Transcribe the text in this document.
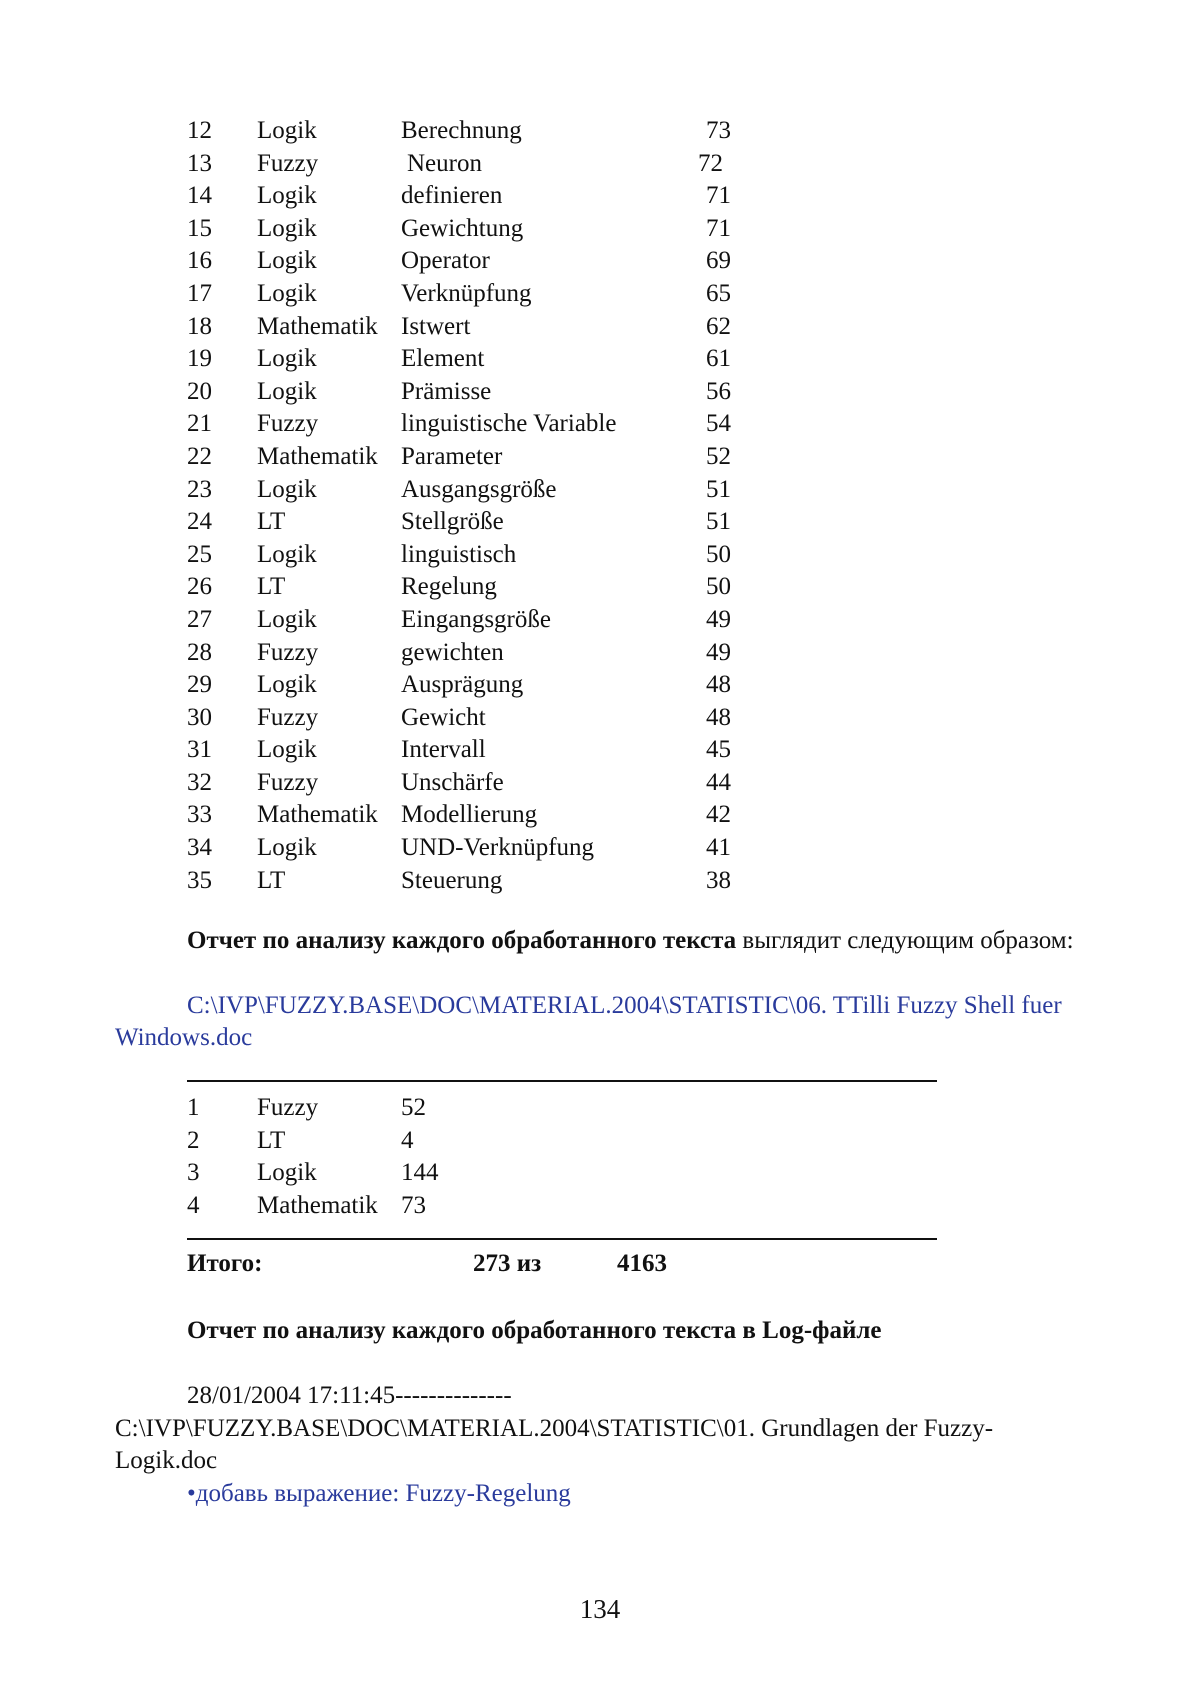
12 Logik	Berechnung	73
13 Fuzzy	Neuron	72
14 Logik	definieren	71
15 Logik	Gewichtung	71
16 Logik	Operator	69
17 Logik	Verknüpfung	65
18 Mathematik Istwert	62
19 Logik	Element	61
20 Logik	Prämisse	56
21 Fuzzy	linguistische Variable	54
22 Mathematik Parameter	52
23 Logik	Ausgangsgröße	51
24 LT	Stellgröße	51
25 Logik	linguistisch	50
26 LT	Regelung	50
27 Logik	Eingangsgröße	49
28 Fuzzy	gewichten	49
29 Logik	Ausprägung	48
30 Fuzzy	Gewicht	48
31 Logik	Intervall	45
32 Fuzzy	Unschärfe	44
33 Mathematik Modellierung	42
34 Logik	UND-Verknüpfung	41
35 LT	Steuerung	38
Отчет по анализу каждого обработанного текста выглядит следующим образом:
C:\IVP\FUZZY.BASE\DOC\MATERIAL.2004\STATISTIC\06. TTilli Fuzzy Shell fuer Windows.doc
1 Fuzzy	52
2 LT	4
3 Logik	144
4 Mathematik 73
Итого:	273 из	4163
Отчет по анализу каждого обработанного текста в Log-файле
28/01/2004 17:11:45--------------
C:\IVP\FUZZY.BASE\DOC\MATERIAL.2004\STATISTIC\01. Grundlagen der Fuzzy-Logik.doc
•добавь выражение: Fuzzy-Regelung
134
